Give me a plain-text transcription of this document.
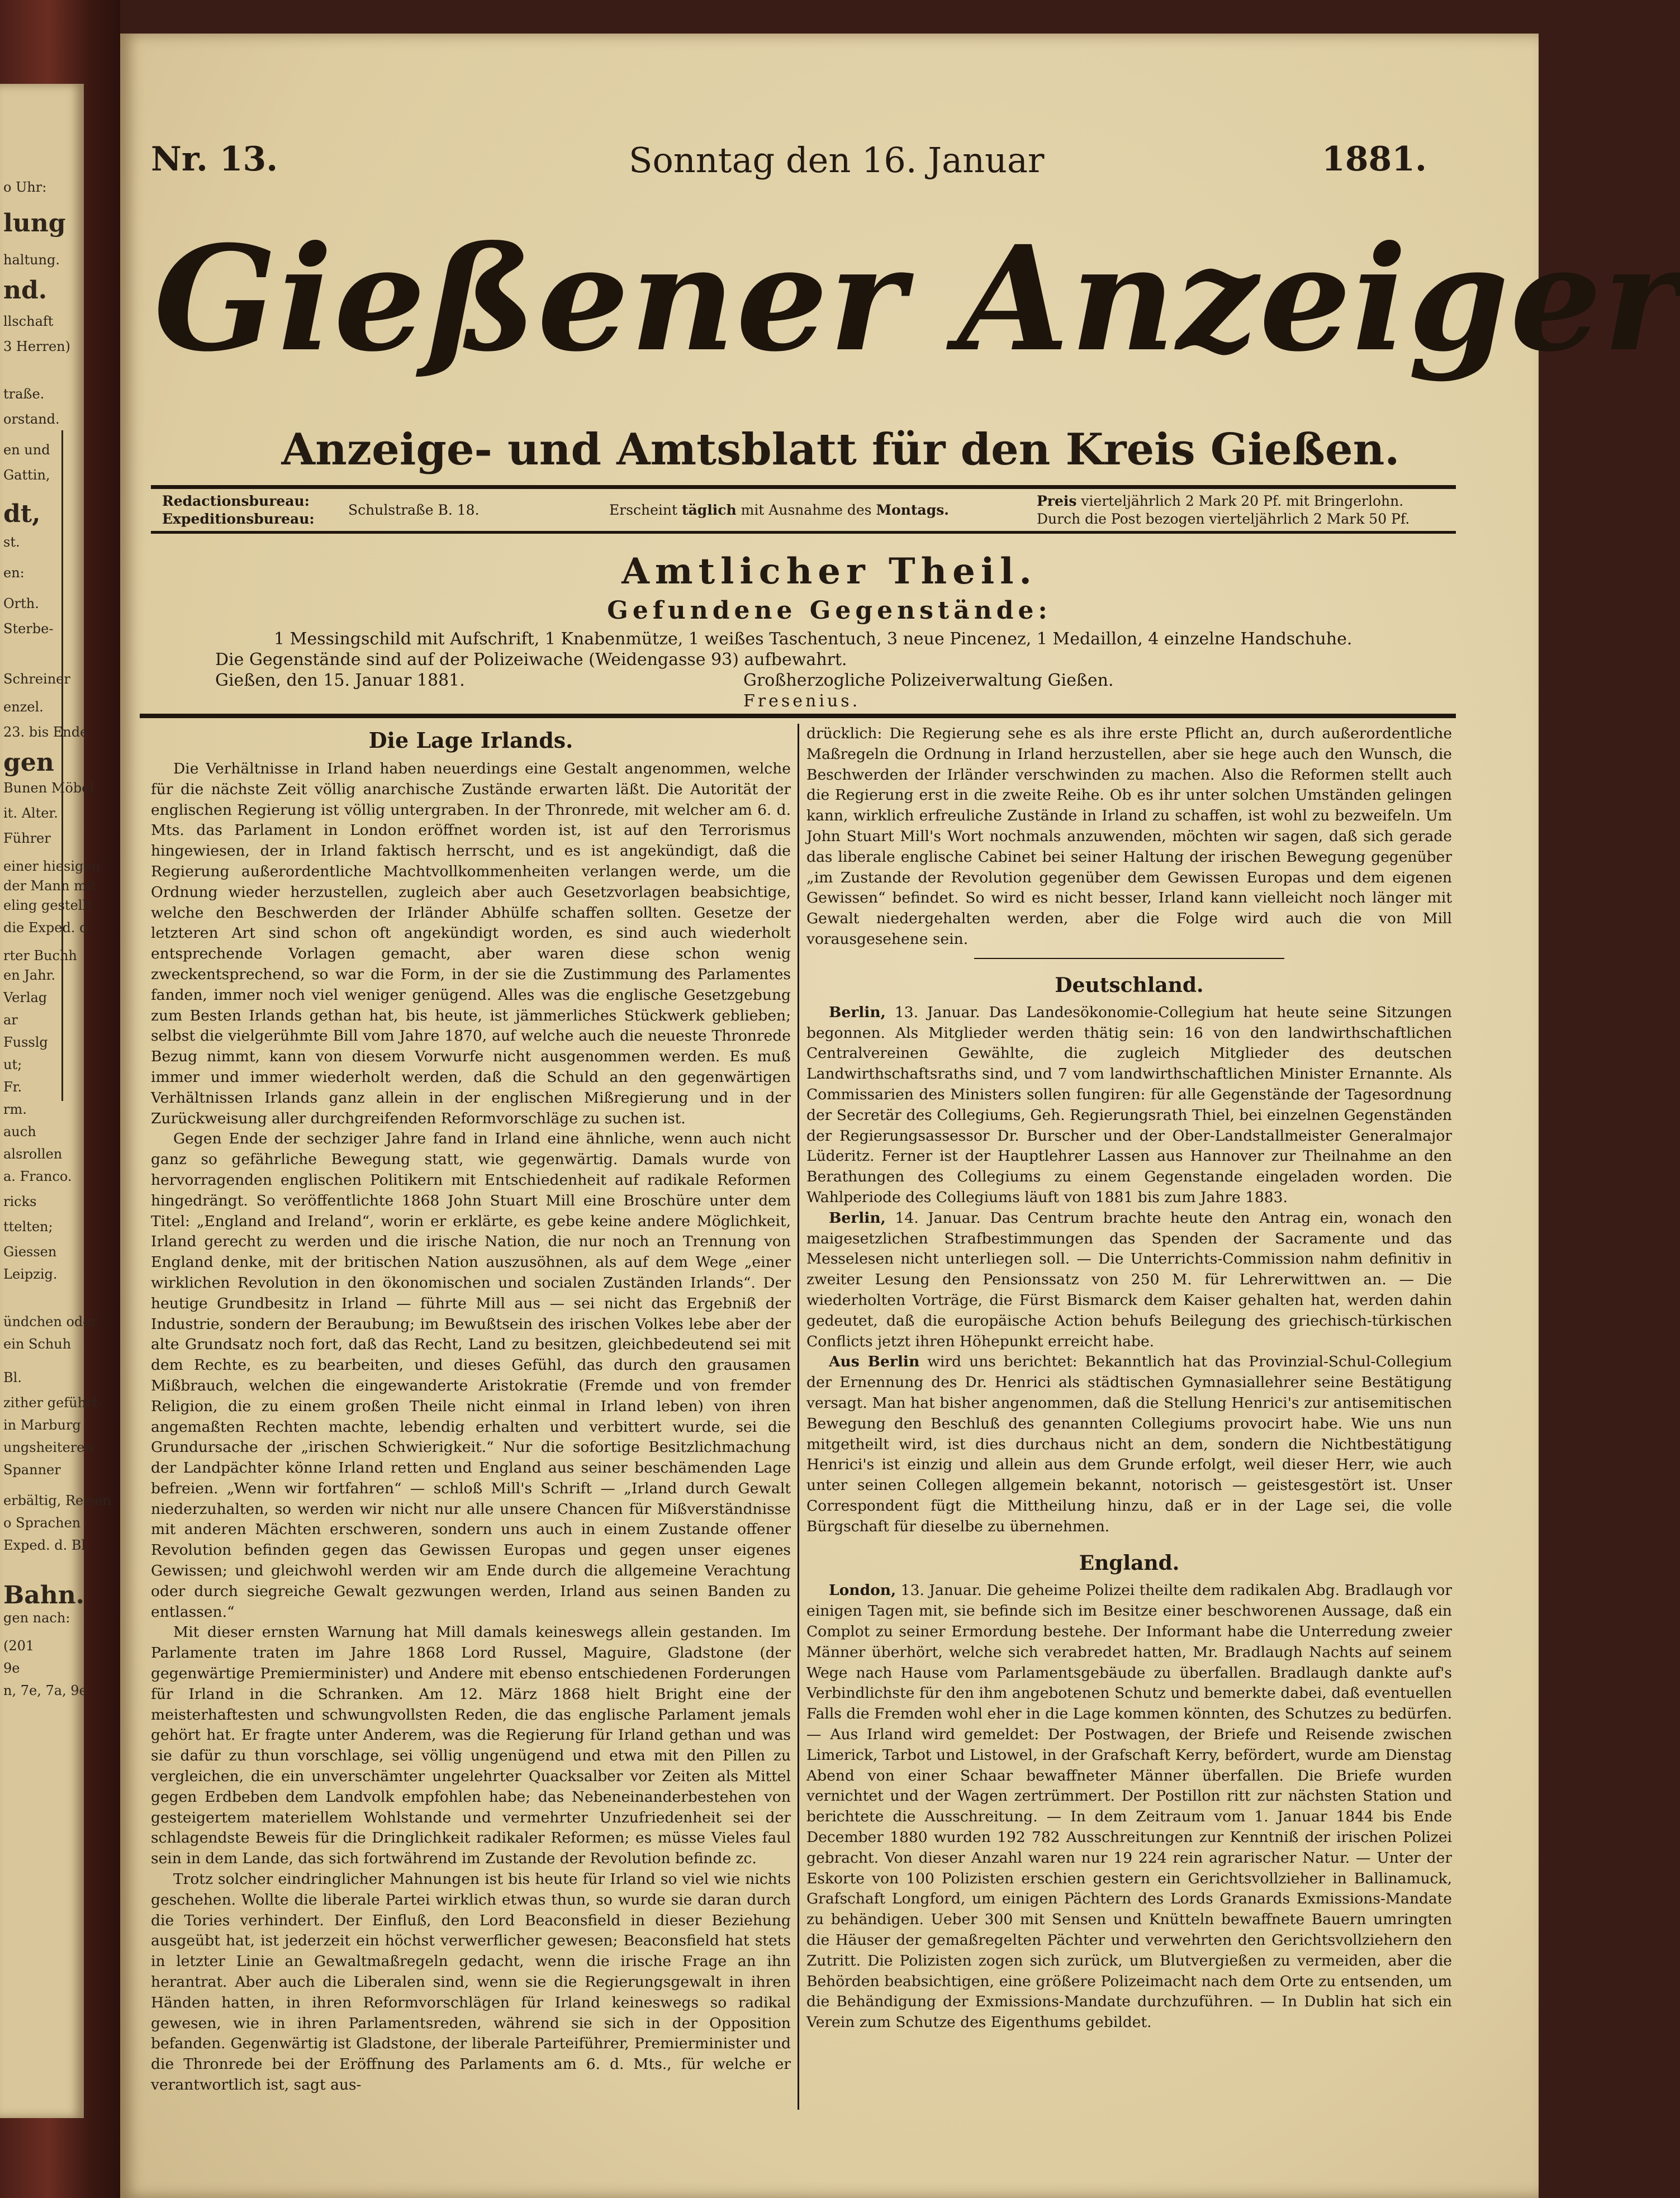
o Uhr:
lung
haltung.
nd.
llschaft
3 Herren)
traße.
orstand.
en und
Gattin,
dt,
st.
en:
Orth.
Sterbe-
Schreiner
enzel.
23. bis Ende
gen
Bunen Möbel
it. Alter.
Führer
einer hiesigen
der Mann mit
eling gestellt
die Exped. d.
rter Buchh
en Jahr.
Verlag
ar
Fusslg
ut;
Fr.
rm.
auch
alsrollen
a. Franco.
ricks
ttelten;
Giessen
Leipzig.
ündchen oder
ein Schuh
Bl.
zither geführt
in Marburg
ungsheiteren
Spanner
erbältig, Reisen
o Sprachen
Exped. d. Bl.
Bahn.
gen nach:
(201
9e
n, 7e, 7a, 9e
Nr. 13.	Sonntag den 16. Januar	1881.
Gießener Anzeiger
Anzeige- und Amtsblatt für den Kreis Gießen.
Redactionsbureau:
Expeditionsbureau:
Schulstraße B. 18.	Erscheint täglich mit Ausnahme des Montags.
Preis vierteljährlich 2 Mark 20 Pf. mit Bringerlohn.
Durch die Post bezogen vierteljährlich 2 Mark 50 Pf.
Amtlicher Theil.
Gefundene Gegenstände:
1 Messingschild mit Aufschrift, 1 Knabenmütze, 1 weißes Taschentuch, 3 neue Pincenez, 1 Medaillon, 4 einzelne Handschuhe.
Die Gegenstände sind auf der Polizeiwache (Weidengasse 93) aufbewahrt.
Gießen, den 15. Januar 1881.	Großherzogliche Polizeiverwaltung Gießen.
Fresenius.
Die Lage Irlands.

Die Verhältnisse in Irland haben neuerdings eine Gestalt angenommen, welche für die nächste Zeit völlig anarchische Zustände erwarten läßt. Die Autorität der englischen Regierung ist völlig untergraben. In der Thronrede, mit welcher am 6. d. Mts. das Parlament in London eröffnet worden ist, ist auf den Terrorismus hingewiesen, der in Irland faktisch herrscht, und es ist angekündigt, daß die Regierung außerordentliche Machtvollkommenheiten verlangen werde, um die Ordnung wieder herzustellen, zugleich aber auch Gesetzvorlagen beabsichtige, welche den Beschwerden der Irländer Abhülfe schaffen sollten. Gesetze der letzteren Art sind schon oft angekündigt worden, es sind auch wiederholt entsprechende Vorlagen gemacht, aber waren diese schon wenig zweckentsprechend, so war die Form, in der sie die Zustimmung des Parlamentes fanden, immer noch viel weniger genügend. Alles was die englische Gesetzgebung zum Besten Irlands gethan hat, bis heute, ist jämmerliches Stückwerk geblieben; selbst die vielgerühmte Bill vom Jahre 1870, auf welche auch die neueste Thronrede Bezug nimmt, kann von diesem Vorwurfe nicht ausgenommen werden. Es muß immer und immer wiederholt werden, daß die Schuld an den gegenwärtigen Verhältnissen Irlands ganz allein in der englischen Mißregierung und in der Zurückweisung aller durchgreifenden Reformvorschläge zu suchen ist.

Gegen Ende der sechziger Jahre fand in Irland eine ähnliche, wenn auch nicht ganz so gefährliche Bewegung statt, wie gegenwärtig. Damals wurde von hervorragenden englischen Politikern mit Entschiedenheit auf radikale Reformen hingedrängt. So veröffentlichte 1868 John Stuart Mill eine Broschüre unter dem Titel: „England and Ireland“, worin er erklärte, es gebe keine andere Möglichkeit, Irland gerecht zu werden und die irische Nation, die nur noch an Trennung von England denke, mit der britischen Nation auszusöhnen, als auf dem Wege „einer wirklichen Revolution in den ökonomischen und socialen Zuständen Irlands“. Der heutige Grundbesitz in Irland — führte Mill aus — sei nicht das Ergebniß der Industrie, sondern der Beraubung; im Bewußtsein des irischen Volkes lebe aber der alte Grundsatz noch fort, daß das Recht, Land zu besitzen, gleichbedeutend sei mit dem Rechte, es zu bearbeiten, und dieses Gefühl, das durch den grausamen Mißbrauch, welchen die eingewanderte Aristokratie (Fremde und von fremder Religion, die zu einem großen Theile nicht einmal in Irland leben) von ihren angemaßten Rechten machte, lebendig erhalten und verbittert wurde, sei die Grundursache der „irischen Schwierigkeit.“ Nur die sofortige Besitzlichmachung der Landpächter könne Irland retten und England aus seiner beschämenden Lage befreien. „Wenn wir fortfahren“ — schloß Mill's Schrift — „Irland durch Gewalt niederzuhalten, so werden wir nicht nur alle unsere Chancen für Mißverständnisse mit anderen Mächten erschweren, sondern uns auch in einem Zustande offener Revolution befinden gegen das Gewissen Europas und gegen unser eigenes Gewissen; und gleichwohl werden wir am Ende durch die allgemeine Verachtung oder durch siegreiche Gewalt gezwungen werden, Irland aus seinen Banden zu entlassen.“

Mit dieser ernsten Warnung hat Mill damals keineswegs allein gestanden. Im Parlamente traten im Jahre 1868 Lord Russel, Maguire, Gladstone (der gegenwärtige Premierminister) und Andere mit ebenso entschiedenen Forderungen für Irland in die Schranken. Am 12. März 1868 hielt Bright eine der meisterhaftesten und schwungvollsten Reden, die das englische Parlament jemals gehört hat. Er fragte unter Anderem, was die Regierung für Irland gethan und was sie dafür zu thun vorschlage, sei völlig ungenügend und etwa mit den Pillen zu vergleichen, die ein unverschämter ungelehrter Quacksalber vor Zeiten als Mittel gegen Erdbeben dem Landvolk empfohlen habe; das Nebeneinanderbestehen von gesteigertem materiellem Wohlstande und vermehrter Unzufriedenheit sei der schlagendste Beweis für die Dringlichkeit radikaler Reformen; es müsse Vieles faul sein in dem Lande, das sich fortwährend im Zustande der Revolution befinde zc.

Trotz solcher eindringlicher Mahnungen ist bis heute für Irland so viel wie nichts geschehen. Wollte die liberale Partei wirklich etwas thun, so wurde sie daran durch die Tories verhindert. Der Einfluß, den Lord Beaconsfield in dieser Beziehung ausgeübt hat, ist jederzeit ein höchst verwerflicher gewesen; Beaconsfield hat stets in letzter Linie an Gewaltmaßregeln gedacht, wenn die irische Frage an ihn herantrat. Aber auch die Liberalen sind, wenn sie die Regierungsgewalt in ihren Händen hatten, in ihren Reformvorschlägen für Irland keineswegs so radikal gewesen, wie in ihren Parlamentsreden, während sie sich in der Opposition befanden. Gegenwärtig ist Gladstone, der liberale Parteiführer, Premierminister und die Thronrede bei der Eröffnung des Parlaments am 6. d. Mts., für welche er verantwortlich ist, sagt aus-

drücklich: Die Regierung sehe es als ihre erste Pflicht an, durch außerordentliche Maßregeln die Ordnung in Irland herzustellen, aber sie hege auch den Wunsch, die Beschwerden der Irländer verschwinden zu machen. Also die Reformen stellt auch die Regierung erst in die zweite Reihe. Ob es ihr unter solchen Umständen gelingen kann, wirklich erfreuliche Zustände in Irland zu schaffen, ist wohl zu bezweifeln. Um John Stuart Mill's Wort nochmals anzuwenden, möchten wir sagen, daß sich gerade das liberale englische Cabinet bei seiner Haltung der irischen Bewegung gegenüber „im Zustande der Revolution gegenüber dem Gewissen Europas und dem eigenen Gewissen“ befindet. So wird es nicht besser, Irland kann vielleicht noch länger mit Gewalt niedergehalten werden, aber die Folge wird auch die von Mill vorausgesehene sein.

Deutschland.

Berlin, 13. Januar. Das Landesökonomie-Collegium hat heute seine Sitzungen begonnen. Als Mitglieder werden thätig sein: 16 von den landwirthschaftlichen Centralvereinen Gewählte, die zugleich Mitglieder des deutschen Landwirthschaftsraths sind, und 7 vom landwirthschaftlichen Minister Ernannte. Als Commissarien des Ministers sollen fungiren: für alle Gegenstände der Tagesordnung der Secretär des Collegiums, Geh. Regierungsrath Thiel, bei einzelnen Gegenständen der Regierungsassessor Dr. Burscher und der Ober-Landstallmeister Generalmajor Lüderitz. Ferner ist der Hauptlehrer Lassen aus Hannover zur Theilnahme an den Berathungen des Collegiums zu einem Gegenstande eingeladen worden. Die Wahlperiode des Collegiums läuft von 1881 bis zum Jahre 1883.

Berlin, 14. Januar. Das Centrum brachte heute den Antrag ein, wonach den maigesetzlichen Strafbestimmungen das Spenden der Sacramente und das Messelesen nicht unterliegen soll. — Die Unterrichts-Commission nahm definitiv in zweiter Lesung den Pensionssatz von 250 M. für Lehrerwittwen an. — Die wiederholten Vorträge, die Fürst Bismarck dem Kaiser gehalten hat, werden dahin gedeutet, daß die europäische Action behufs Beilegung des griechisch-türkischen Conflicts jetzt ihren Höhepunkt erreicht habe.

Aus Berlin wird uns berichtet: Bekanntlich hat das Provinzial-Schul-Collegium der Ernennung des Dr. Henrici als städtischen Gymnasiallehrer seine Bestätigung versagt. Man hat bisher angenommen, daß die Stellung Henrici's zur antisemitischen Bewegung den Beschluß des genannten Collegiums provocirt habe. Wie uns nun mitgetheilt wird, ist dies durchaus nicht an dem, sondern die Nichtbestätigung Henrici's ist einzig und allein aus dem Grunde erfolgt, weil dieser Herr, wie auch unter seinen Collegen allgemein bekannt, notorisch — geistesgestört ist. Unser Correspondent fügt die Mittheilung hinzu, daß er in der Lage sei, die volle Bürgschaft für dieselbe zu übernehmen.

England.

London, 13. Januar. Die geheime Polizei theilte dem radikalen Abg. Bradlaugh vor einigen Tagen mit, sie befinde sich im Besitze einer beschworenen Aussage, daß ein Complot zu seiner Ermordung bestehe. Der Informant habe die Unterredung zweier Männer überhört, welche sich verabredet hatten, Mr. Bradlaugh Nachts auf seinem Wege nach Hause vom Parlamentsgebäude zu überfallen. Bradlaugh dankte auf's Verbindlichste für den ihm angebotenen Schutz und bemerkte dabei, daß eventuellen Falls die Fremden wohl eher in die Lage kommen könnten, des Schutzes zu bedürfen. — Aus Irland wird gemeldet: Der Postwagen, der Briefe und Reisende zwischen Limerick, Tarbot und Listowel, in der Grafschaft Kerry, befördert, wurde am Dienstag Abend von einer Schaar bewaffneter Männer überfallen. Die Briefe wurden vernichtet und der Wagen zertrümmert. Der Postillon ritt zur nächsten Station und berichtete die Ausschreitung. — In dem Zeitraum vom 1. Januar 1844 bis Ende December 1880 wurden 192 782 Ausschreitungen zur Kenntniß der irischen Polizei gebracht. Von dieser Anzahl waren nur 19 224 rein agrarischer Natur. — Unter der Eskorte von 100 Polizisten erschien gestern ein Gerichtsvollzieher in Ballinamuck, Grafschaft Longford, um einigen Pächtern des Lords Granards Exmissions-Mandate zu behändigen. Ueber 300 mit Sensen und Knütteln bewaffnete Bauern umringten die Häuser der gemaßregelten Pächter und verwehrten den Gerichtsvollziehern den Zutritt. Die Polizisten zogen sich zurück, um Blutvergießen zu vermeiden, aber die Behörden beabsichtigen, eine größere Polizeimacht nach dem Orte zu entsenden, um die Behändigung der Exmissions-Mandate durchzuführen. — In Dublin hat sich ein Verein zum Schutze des Eigenthums gebildet.
